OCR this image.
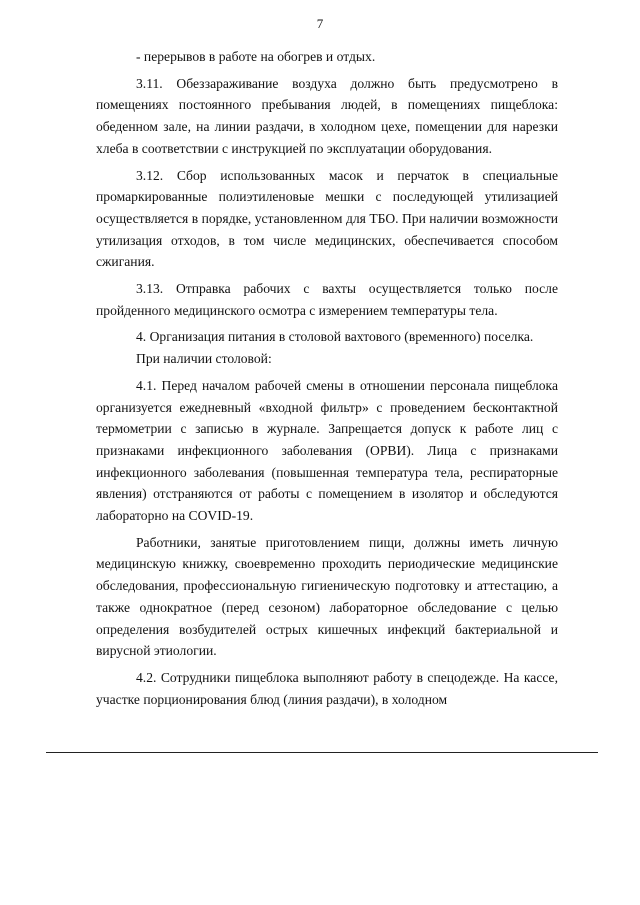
7

- перерывов в работе на обогрев и отдых.

3.11. Обеззараживание воздуха должно быть предусмотрено в помещениях постоянного пребывания людей, в помещениях пищеблока: обеденном зале, на линии раздачи, в холодном цехе, помещении для нарезки хлеба в соответствии с инструкцией по эксплуатации оборудования.

3.12. Сбор использованных масок и перчаток в специальные промаркированные полиэтиленовые мешки с последующей утилизацией осуществляется в порядке, установленном для ТБО. При наличии возможности утилизация отходов, в том числе медицинских, обеспечивается способом сжигания.

3.13. Отправка рабочих с вахты осуществляется только после пройденного медицинского осмотра с измерением температуры тела.

4. Организация питания в столовой вахтового (временного) поселка.

При наличии столовой:

4.1. Перед началом рабочей смены в отношении персонала пищеблока организуется ежедневный «входной фильтр» с проведением бесконтактной термометрии с записью в журнале. Запрещается допуск к работе лиц с признаками инфекционного заболевания (ОРВИ). Лица с признаками инфекционного заболевания (повышенная температура тела, респираторные явления) отстраняются от работы с помещением в изолятор и обследуются лабораторно на COVID-19.

Работники, занятые приготовлением пищи, должны иметь личную медицинскую книжку, своевременно проходить периодические медицинские обследования, профессиональную гигиеническую подготовку и аттестацию, а также однократное (перед сезоном) лабораторное обследование с целью определения возбудителей острых кишечных инфекций бактериальной и вирусной этиологии.

4.2. Сотрудники пищеблока выполняют работу в спецодежде. На кассе, участке порционирования блюд (линия раздачи), в холодном
